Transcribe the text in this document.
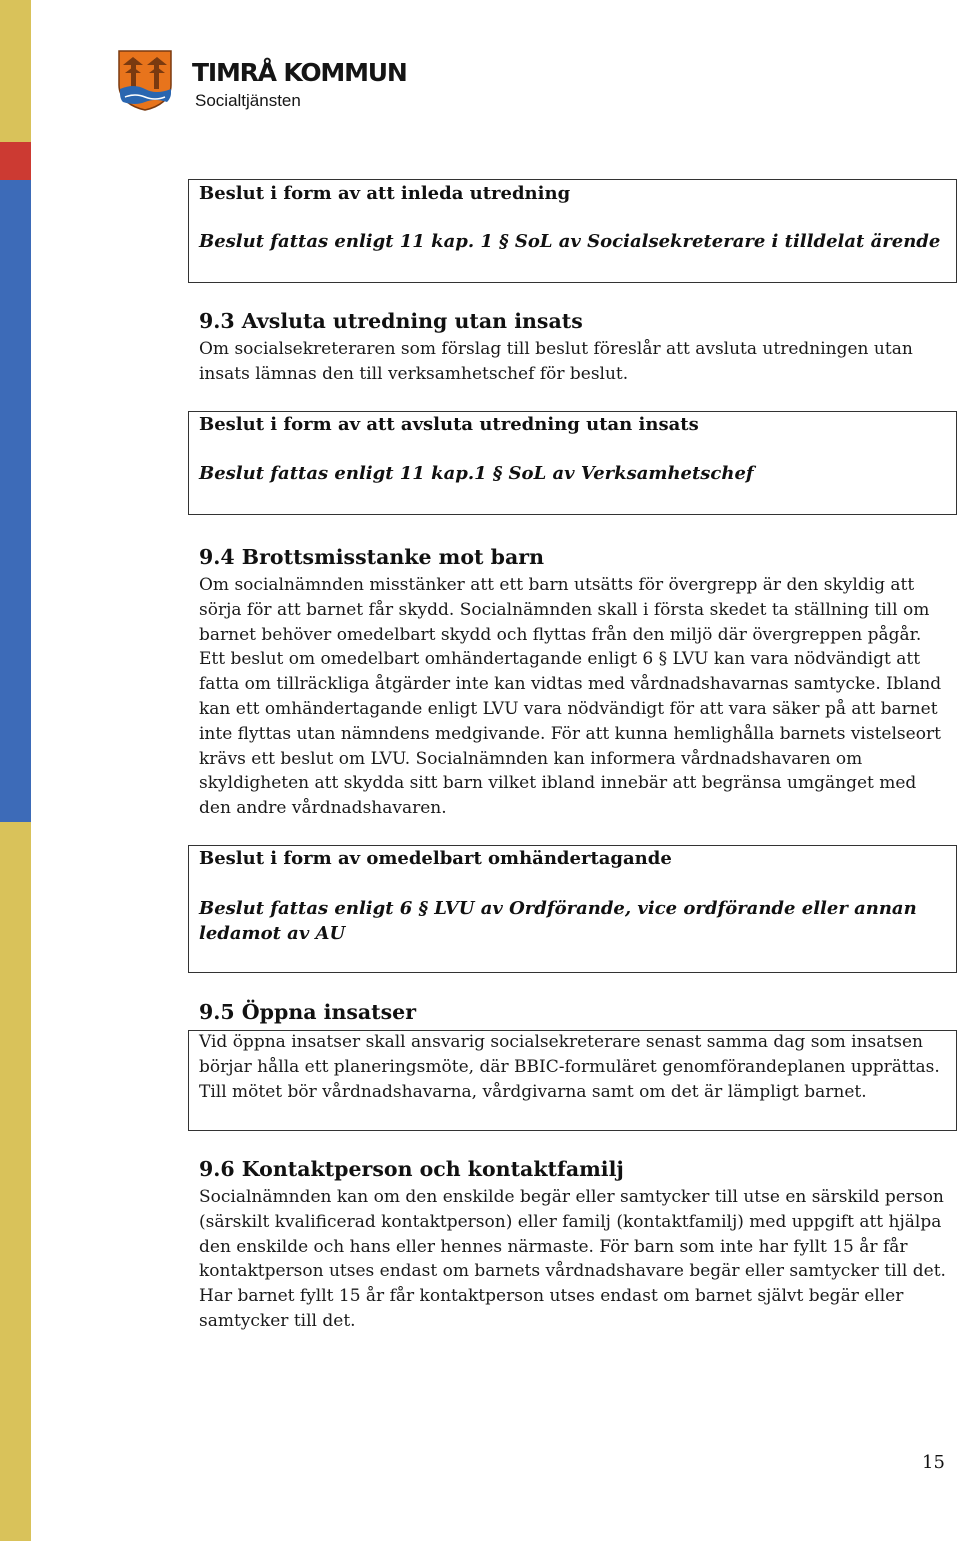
TIMRÅ KOMMUN
Socialtjänsten
Beslut i form av att inleda utredning
Beslut fattas enligt 11 kap. 1 § SoL av Socialsekreterare i tilldelat ärende
9.3 Avsluta utredning utan insats
Om socialsekreteraren som förslag till beslut föreslår att avsluta utredningen utan insats lämnas den till verksamhetschef för beslut.
Beslut i form av att avsluta utredning utan insats
Beslut fattas enligt 11 kap.1 § SoL av Verksamhetschef
9.4 Brottsmisstanke mot barn
Om socialnämnden misstänker att ett barn utsätts för övergrepp är den skyldig att sörja för att barnet får skydd. Socialnämnden skall i första skedet ta ställning till om barnet behöver omedelbart skydd och flyttas från den miljö där övergreppen pågår. Ett beslut om omedelbart omhändertagande enligt 6 § LVU kan vara nödvändigt att fatta om tillräckliga åtgärder inte kan vidtas med vårdnadshavarnas samtycke. Ibland kan ett omhändertagande enligt LVU vara nödvändigt för att vara säker på att barnet inte flyttas utan nämndens medgivande. För att kunna hemlighålla barnets vistelseort krävs ett beslut om LVU. Socialnämnden kan informera vårdnadshavaren om skyldigheten att skydda sitt barn vilket ibland innebär att begränsa umgänget med den andre vårdnadshavaren.
Beslut i form av omedelbart omhändertagande
Beslut fattas enligt 6 § LVU av Ordförande, vice ordförande eller annan ledamot av AU
9.5 Öppna insatser
Vid öppna insatser skall ansvarig socialsekreterare senast samma dag som insatsen börjar hålla ett planeringsmöte, där BBIC-formuläret genomförandeplanen upprättas. Till mötet bör vårdnadshavarna, vårdgivarna samt om det är lämpligt barnet.
9.6 Kontaktperson och kontaktfamilj
Socialnämnden kan om den enskilde begär eller samtycker till utse en särskild person (särskilt kvalificerad kontaktperson) eller familj (kontaktfamilj) med uppgift att hjälpa den enskilde och hans eller hennes närmaste. För barn som inte har fyllt 15 år får kontaktperson utses endast om barnets vårdnadshavare begär eller samtycker till det. Har barnet fyllt 15 år får kontaktperson utses endast om barnet självt begär eller samtycker till det.
15
